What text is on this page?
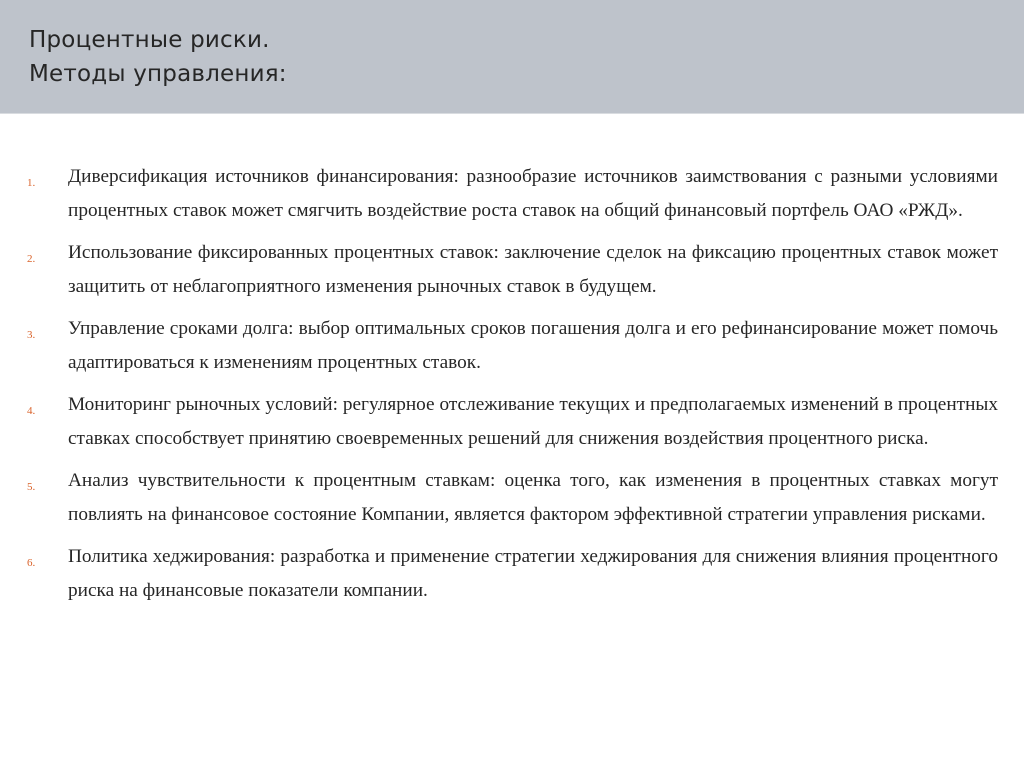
Процентные риски.
Методы управления:
1. Диверсификация источников финансирования: разнообразие источников заимствования с разными условиями процентных ставок может смягчить воздействие роста ставок на общий финансовый портфель ОАО «РЖД».
2. Использование фиксированных процентных ставок: заключение сделок на фиксацию процентных ставок может защитить от неблагоприятного изменения рыночных ставок в будущем.
3. Управление сроками долга: выбор оптимальных сроков погашения долга и его рефинансирование может помочь адаптироваться к изменениям процентных ставок.
4. Мониторинг рыночных условий: регулярное отслеживание текущих и предполагаемых изменений в процентных ставках способствует принятию своевременных решений для снижения воздействия процентного риска.
5. Анализ чувствительности к процентным ставкам: оценка того, как изменения в процентных ставках могут повлиять на финансовое состояние Компании, является фактором эффективной стратегии управления рисками.
6. Политика хеджирования: разработка и применение стратегии хеджирования для снижения влияния процентного риска на финансовые показатели компании.
